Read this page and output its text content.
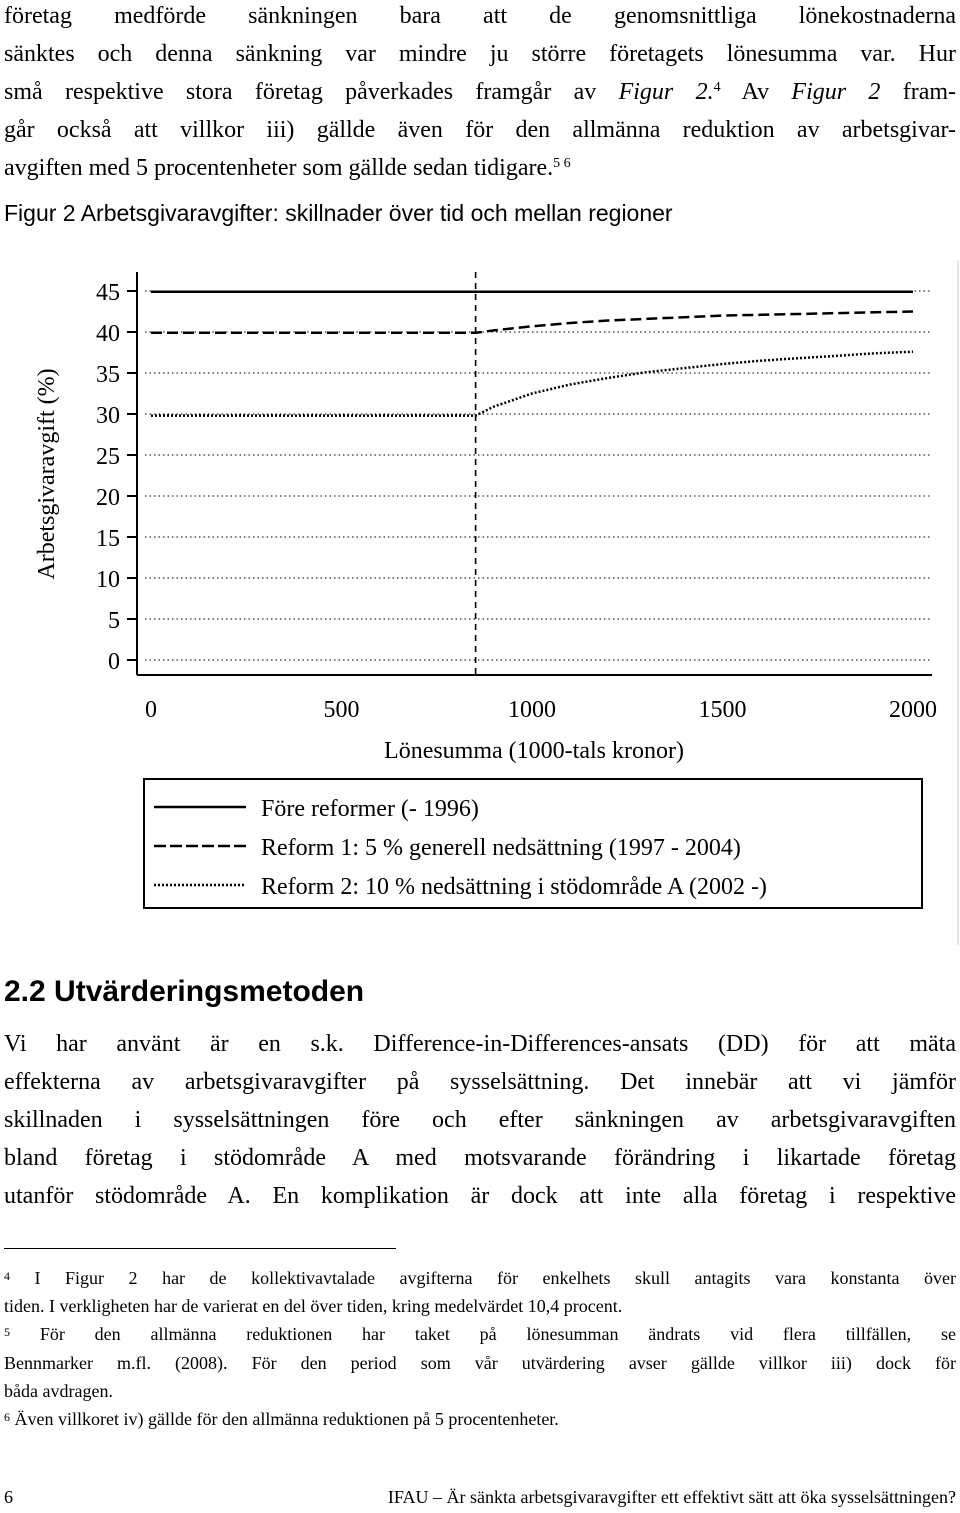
företag medförde sänkningen bara att de genomsnittliga lönekostnaderna
sänktes och denna sänkning var mindre ju större företagets lönesumma var. Hur
små respektive stora företag påverkades framgår av Figur 2.$^4$ Av Figur 2 fram-
går också att villkor iii) gällde även för den allmänna reduktion av arbetsgivar-
avgiften med 5 procentenheter som gällde sedan tidigare.$^{5 6}$
Figur 2 Arbetsgivaravgifter: skillnader över tid och mellan regioner
0
5
10
15
20
25
30
35
40
45
0	500	1000	1500	2000
Lönesumma (1000-tals kronor)
Arbetsgivaravgift (%)
Före reformer (- 1996)
Reform 1: 5 % generell nedsättning (1997 - 2004)
Reform 2: 10 % nedsättning i stödområde A (2002 -)
2.2 Utvärderingsmetoden
Vi har använt är en s.k. Difference-in-Differences-ansats (DD) för att mäta
effekterna av arbetsgivaravgifter på sysselsättning. Det innebär att vi jämför
skillnaden i sysselsättningen före och efter sänkningen av arbetsgivaravgiften
bland företag i stödområde A med motsvarande förändring i likartade företag
utanför stödområde A. En komplikation är dock att inte alla företag i respektive
$^4$ I Figur 2 har de kollektivavtalade avgifterna för enkelhets skull antagits vara konstanta över
tiden. I verkligheten har de varierat en del över tiden, kring medelvärdet 10,4 procent.
$^5$ För den allmänna reduktionen har taket på lönesumman ändrats vid flera tillfällen, se
Bennmarker m.fl. (2008). För den period som vår utvärdering avser gällde villkor iii) dock för
båda avdragen.
$^6$ Även villkoret iv) gällde för den allmänna reduktionen på 5 procentenheter.
6	IFAU – Är sänkta arbetsgivaravgifter ett effektivt sätt att öka sysselsättningen?
